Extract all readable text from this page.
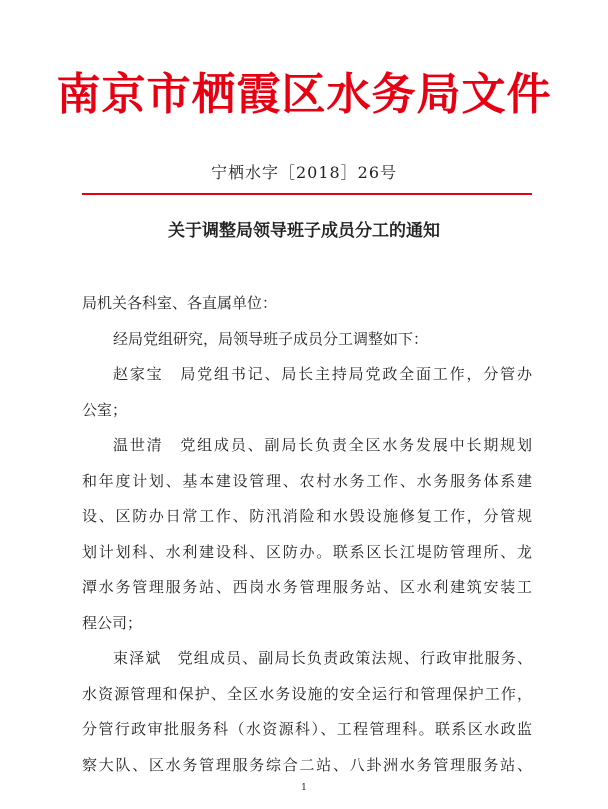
南京市栖霞区水务局文件
宁栖水字［2018］26号
关于调整局领导班子成员分工的通知
局机关各科室、各直属单位：
经局党组研究，局领导班子成员分工调整如下：
赵家宝　局党组书记、局长主持局党政全面工作，分管办
公室；
温世清　党组成员、副局长负责全区水务发展中长期规划
和年度计划、基本建设管理、农村水务工作、水务服务体系建
设、区防办日常工作、防汛消险和水毁设施修复工作，分管规
划计划科、水利建设科、区防办。联系区长江堤防管理所、龙
潭水务管理服务站、西岗水务管理服务站、区水利建筑安装工
程公司；
束泽斌　党组成员、副局长负责政策法规、行政审批服务、
水资源管理和保护、全区水务设施的安全运行和管理保护工作，
分管行政审批服务科（水资源科）、工程管理科。联系区水政监
察大队、区水务管理服务综合二站、八卦洲水务管理服务站、
1
